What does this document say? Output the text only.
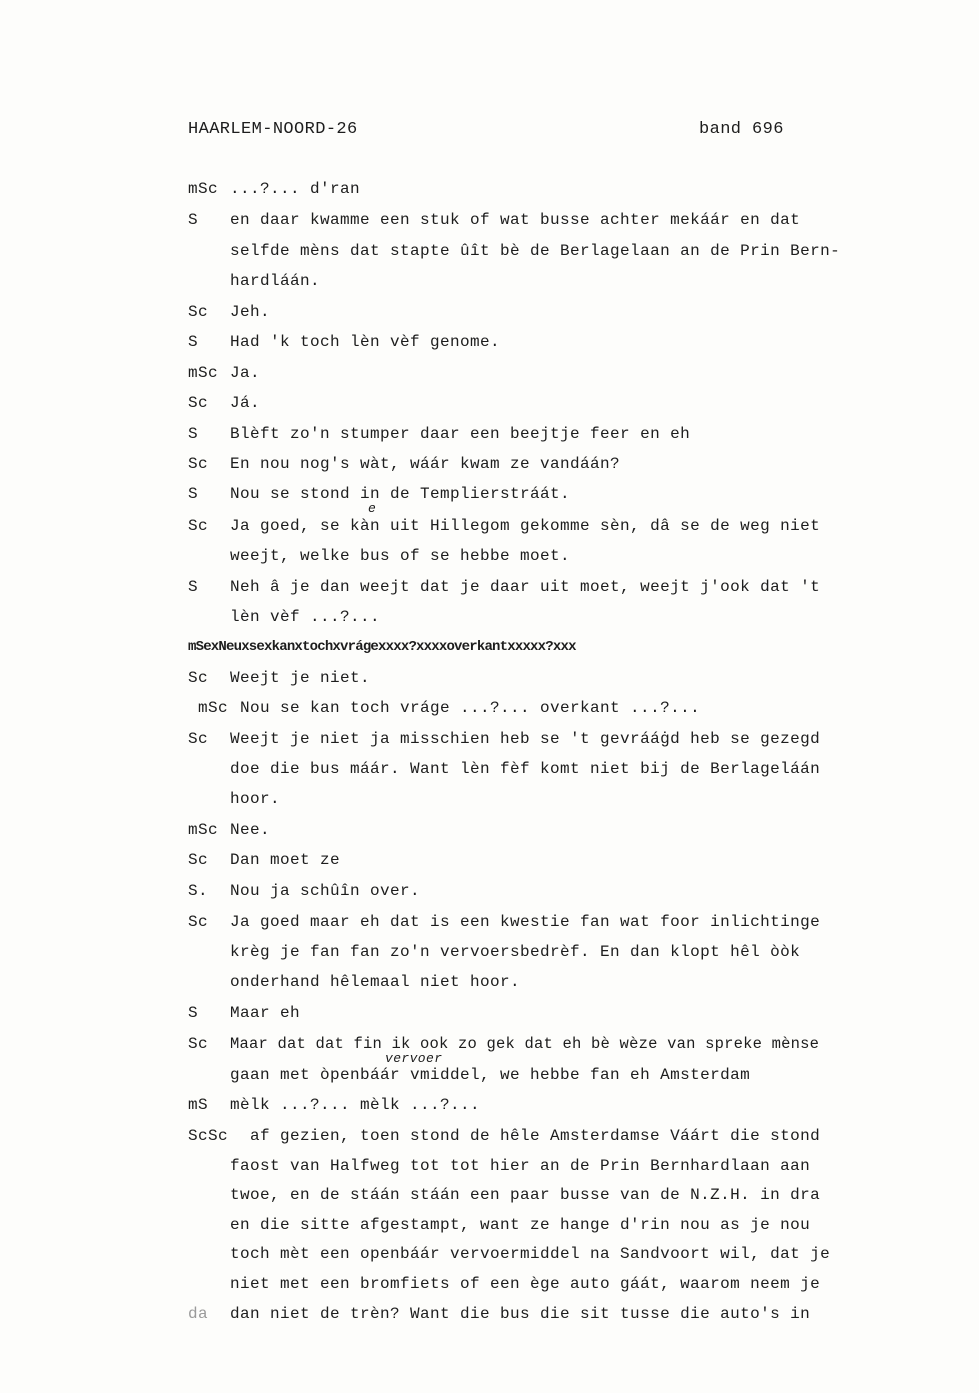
HAARLEM-NOORD-26	band 696
mSc ...?... d'ran
S en daar kwamme een stuk of wat busse achter mekáár en dat
selfde mèns dat stapte ûît bè de Berlagelaan an de Prin Bern-
hardláán.
Sc Jeh.
S Had 'k toch lèn vèf genome.
mSc Ja.
Sc Já.
S Blèft zo'n stumper daar een beejtje feer en eh
Sc En nou nog's wàt, wáár kwam ze vandáán?
S Nou se stond in de Templierstráát.
e
Sc Ja goed, se kàn uit Hillegom gekomme sèn, dâ se de weg niet
weejt, welke bus of se hebbe moet.
S Neh â je dan weejt dat je daar uit moet, weejt j'ook dat 't
lèn vèf ...?...
mSexNeuxsexkanxtochxvrágexxxx?xxxxoverkantxxxxx?xxx
Sc Weejt je niet.
mSc Nou se kan toch vráge ...?... overkant ...?...
Sc Weejt je niet ja misschien heb se 't gevrááġd heb se gezegd
doe die bus máár. Want lèn fèf komt niet bij de Berlageláán
hoor.
mSc Nee.
Sc Dan moet ze
S. Nou ja schûîn over.
Sc Ja goed maar eh dat is een kwestie fan wat foor inlichtinge
krèg je fan fan zo'n vervoersbedrèf. En dan klopt hêl òòk
onderhand hêlemaal niet hoor.
S Maar eh
Sc Maar dat dat fin ik ook zo gek dat eh bè wèze van spreke mènse
vervoer
gaan met òpenbáár vmiddel, we hebbe fan eh Amsterdam
mS mèlk ...?... mèlk ...?...
ScSc af gezien, toen stond de hêle Amsterdamse Váárt die stond
faost van Halfweg tot tot hier an de Prin Bernhardlaan aan
twoe, en de stáán stáán een paar busse van de N.Z.H. in dra
en die sitte afgestampt, want ze hange d'rin nou as je nou
toch mèt een openbáár vervoermiddel na Sandvoort wil, dat je
niet met een bromfiets of een ège auto gáát, waarom neem je
da dan niet de trèn? Want die bus die sit tusse die auto's in
